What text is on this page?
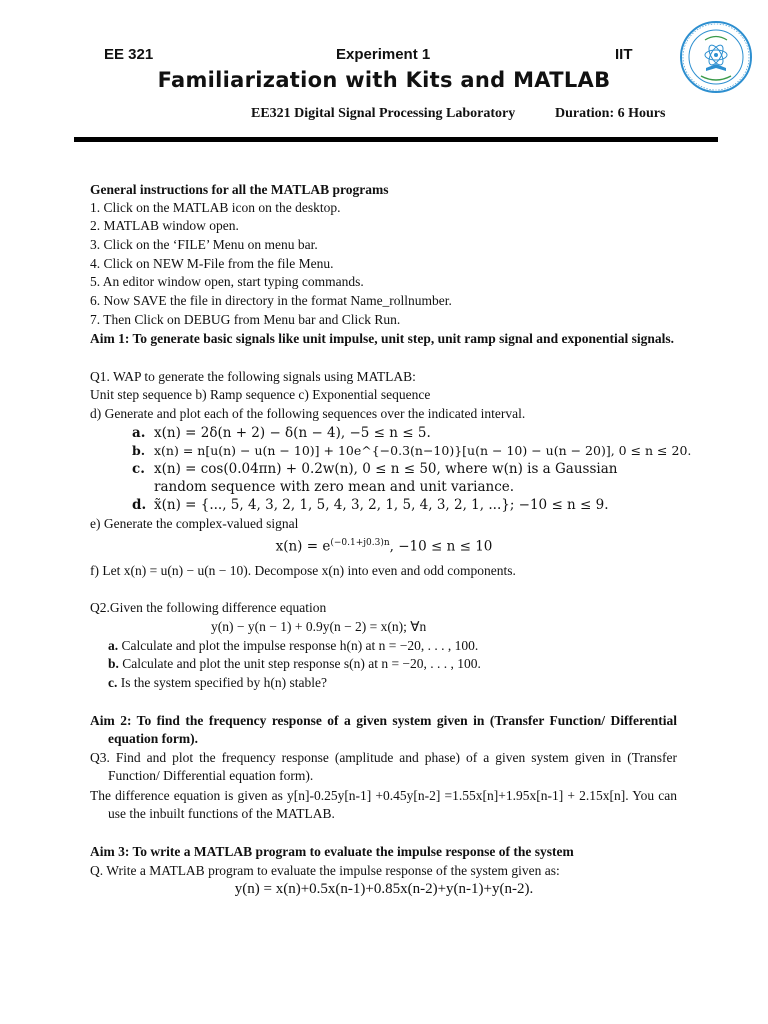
EE 321	Experiment 1	IIT
Familiarization with Kits and MATLAB
EE321 Digital Signal Processing Laboratory	Duration: 6 Hours
General instructions for all the MATLAB programs
1. Click on the MATLAB icon on the desktop.
2. MATLAB window open.
3. Click on the ‘FILE’ Menu on menu bar.
4. Click on NEW M-File from the file Menu.
5. An editor window open, start typing commands.
6. Now SAVE the file in directory in the format Name_rollnumber.
7. Then Click on DEBUG from Menu bar and Click Run.
Aim 1: To generate basic signals like unit impulse, unit step, unit ramp signal and exponential signals.
Q1. WAP to generate the following signals using MATLAB:
Unit step sequence b) Ramp sequence c) Exponential sequence
d) Generate and plot each of the following sequences over the indicated interval.
a. x(n) = 2δ(n + 2) − δ(n − 4), −5 ≤ n ≤ 5.
b. x(n) = n[u(n) − u(n − 10)] + 10e^{−0.3(n−10)}[u(n − 10) − u(n − 20)], 0 ≤ n ≤ 20.
c. x(n) = cos(0.04πn) + 0.2w(n), 0 ≤ n ≤ 50, where w(n) is a Gaussian
random sequence with zero mean and unit variance.
d. x̃(n) = {..., 5, 4, 3, 2, 1, 5, 4, 3, 2, 1, 5, 4, 3, 2, 1, ...}; −10 ≤ n ≤ 9.
e) Generate the complex-valued signal
$x(n) = e^{(-0.1+j0.3)n}$, −10 ≤ n ≤ 10
f) Let x(n) = u(n) − u(n − 10). Decompose x(n) into even and odd components.
Q2.Given the following difference equation
y(n) − y(n − 1) + 0.9y(n − 2) = x(n); ∀n
a. Calculate and plot the impulse response h(n) at n = −20, . . . , 100.
b. Calculate and plot the unit step response s(n) at n = −20, . . . , 100.
c. Is the system specified by h(n) stable?
Aim 2: To find the frequency response of a given system given in (Transfer Function/ Differential equation form).
Q3. Find and plot the frequency response (amplitude and phase) of a given system given in (Transfer Function/ Differential equation form).
The difference equation is given as y[n]-0.25y[n-1] +0.45y[n-2] =1.55x[n]+1.95x[n-1] + 2.15x[n]. You can use the inbuilt functions of the MATLAB.
Aim 3: To write a MATLAB program to evaluate the impulse response of the system
Q. Write a MATLAB program to evaluate the impulse response of the system given as:
y(n) = x(n)+0.5x(n-1)+0.85x(n-2)+y(n-1)+y(n-2).
